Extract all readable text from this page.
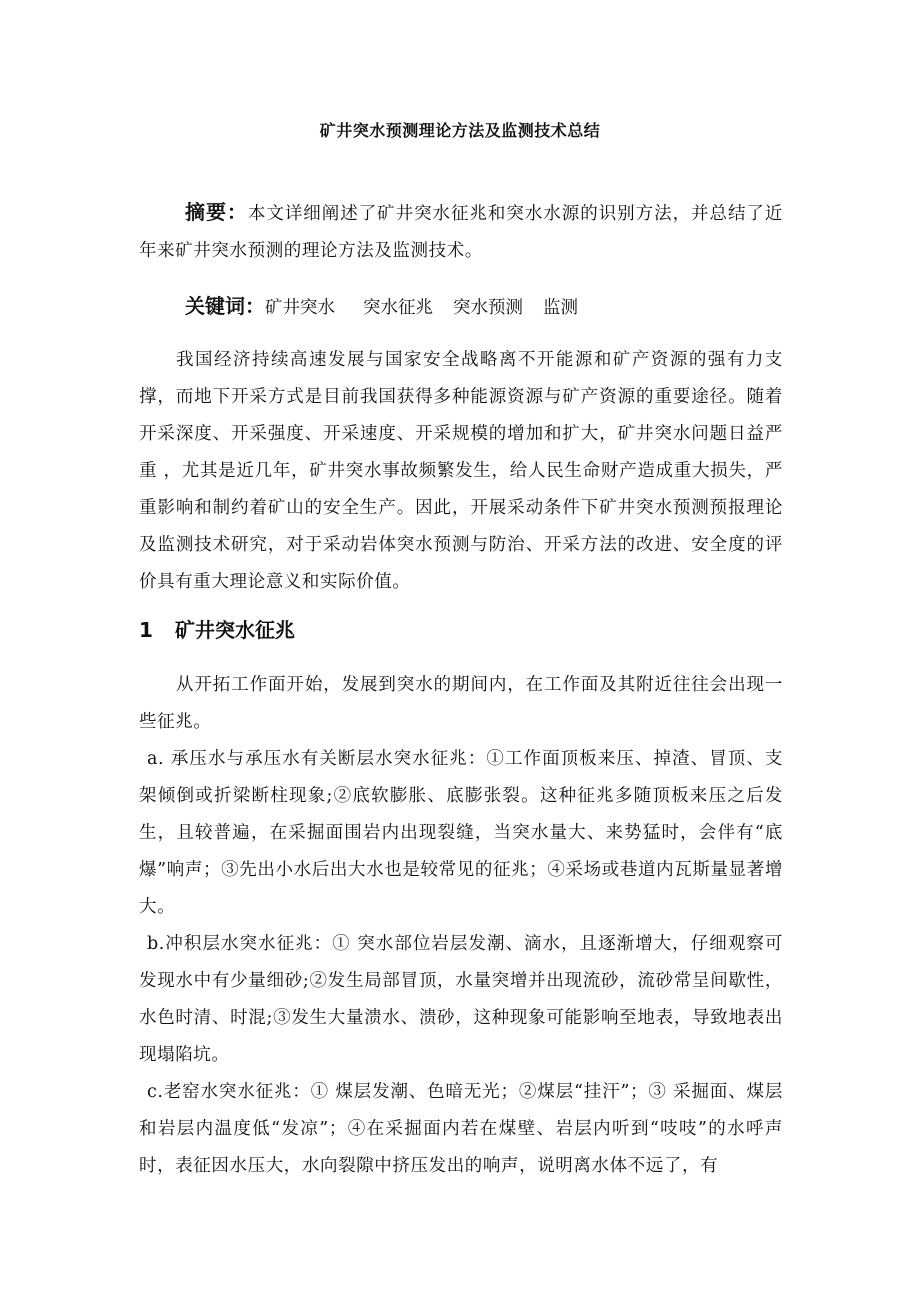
矿井突水预测理论方法及监测技术总结
摘要：本文详细阐述了矿井突水征兆和突水水源的识别方法，并总结了近年来矿井突水预测的理论方法及监测技术。
关键词：矿井突水 突水征兆 突水预测 监测
我国经济持续高速发展与国家安全战略离不开能源和矿产资源的强有力支撑，而地下开采方式是目前我国获得多种能源资源与矿产资源的重要途径。随着开采深度、开采强度、开采速度、开采规模的增加和扩大，矿井突水问题日益严重 ，尤其是近几年，矿井突水事故频繁发生，给人民生命财产造成重大损失，严重影响和制约着矿山的安全生产。因此，开展采动条件下矿井突水预测预报理论及监测技术研究，对于采动岩体突水预测与防治、开采方法的改进、安全度的评价具有重大理论意义和实际价值。
1 矿井突水征兆
从开拓工作面开始，发展到突水的期间内，在工作面及其附近往往会出现一些征兆。
a. 承压水与承压水有关断层水突水征兆：①工作面顶板来压、掉渣、冒顶、支架倾倒或折梁断柱现象;②底软膨胀、底膨张裂。这种征兆多随顶板来压之后发生，且较普遍，在采掘面围岩内出现裂缝，当突水量大、来势猛时，会伴有“底爆”响声；③先出小水后出大水也是较常见的征兆；④采场或巷道内瓦斯量显著增大。
b.冲积层水突水征兆：① 突水部位岩层发潮、滴水，且逐渐增大，仔细观察可发现水中有少量细砂;②发生局部冒顶，水量突增并出现流砂，流砂常呈间歇性，水色时清、时混;③发生大量溃水、溃砂，这种现象可能影响至地表，导致地表出现塌陷坑。
c.老窑水突水征兆：① 煤层发潮、色暗无光；②煤层“挂汗”；③ 采掘面、煤层和岩层内温度低“发凉”；④在采掘面内若在煤壁、岩层内听到“吱吱”的水呼声时，表征因水压大，水向裂隙中挤压发出的响声，说明离水体不远了，有
